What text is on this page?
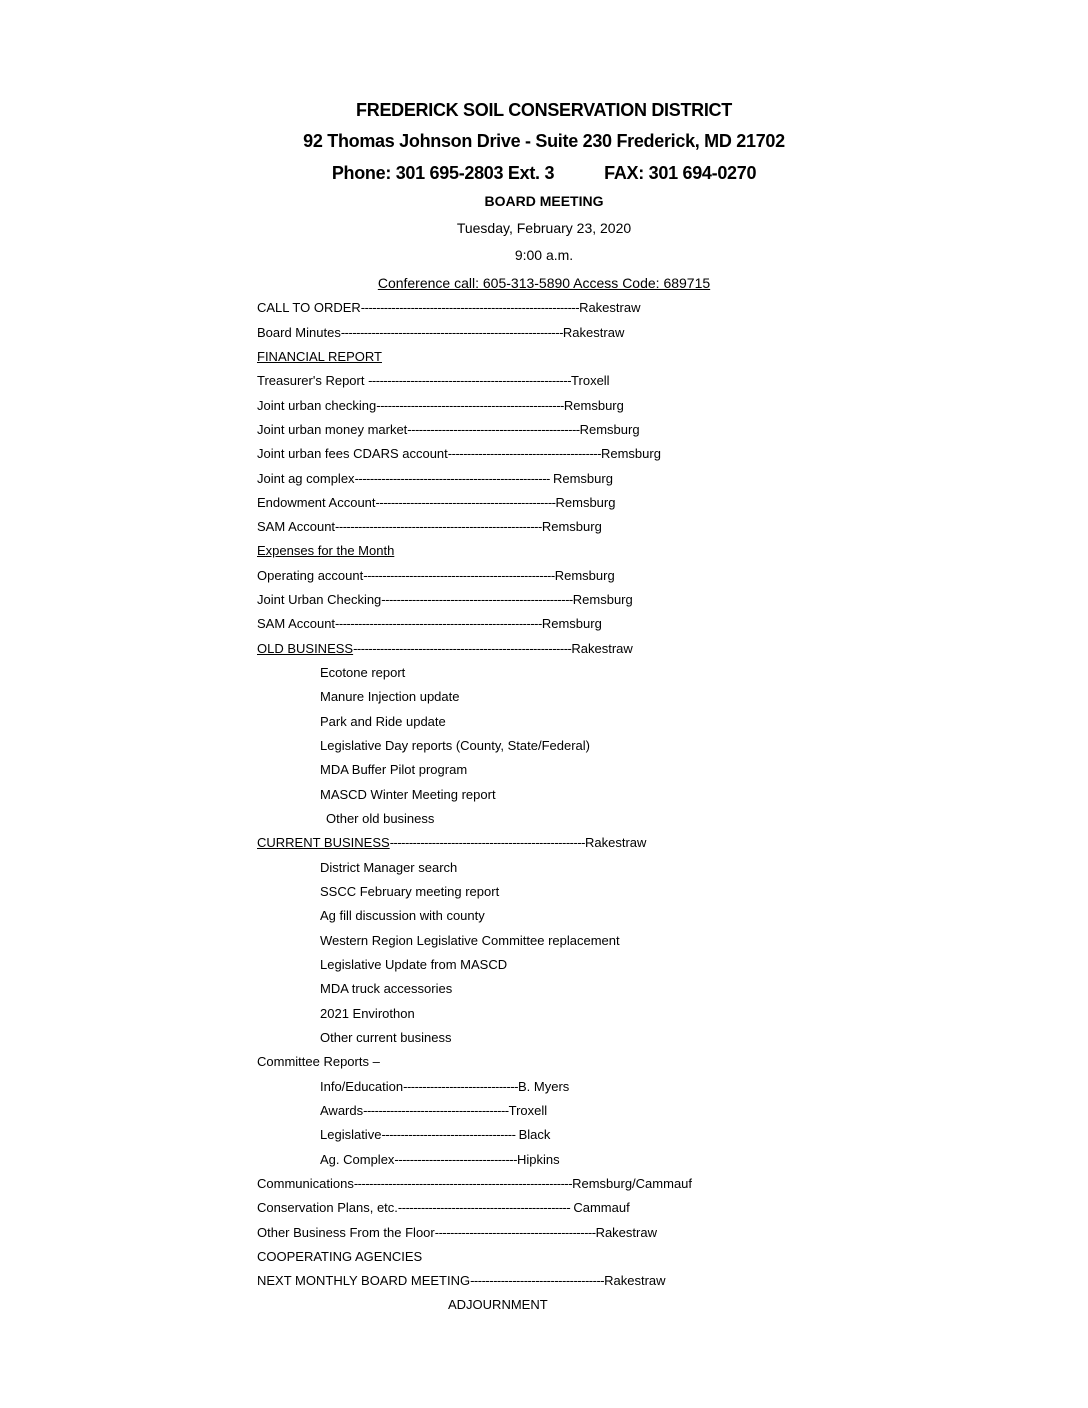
FREDERICK SOIL CONSERVATION DISTRICT
92 Thomas Johnson Drive - Suite 230 Frederick, MD 21702
Phone: 301 695-2803 Ext. 3	FAX: 301 694-0270
BOARD MEETING
Tuesday, February 23, 2020
9:00 a.m.
Conference call: 605-313-5890 Access Code: 689715
CALL TO ORDER---------------------------------------------------------Rakestraw
Board Minutes----------------------------------------------------------Rakestraw
FINANCIAL REPORT
Treasurer's Report -----------------------------------------------------Troxell
Joint urban checking-------------------------------------------------Remsburg
Joint urban money market---------------------------------------------Remsburg
Joint urban fees CDARS account----------------------------------------Remsburg
Joint ag complex--------------------------------------------------- Remsburg
Endowment Account-----------------------------------------------Remsburg
SAM Account------------------------------------------------------Remsburg
Expenses for the Month
Operating account--------------------------------------------------Remsburg
Joint Urban Checking--------------------------------------------------Remsburg
SAM Account------------------------------------------------------Remsburg
OLD BUSINESS---------------------------------------------------------Rakestraw
Ecotone report
Manure Injection update
Park and Ride update
Legislative Day reports (County, State/Federal)
MDA Buffer Pilot program
MASCD Winter Meeting report
Other old business
CURRENT BUSINESS---------------------------------------------------Rakestraw
District Manager search
SSCC February meeting report
Ag fill discussion with county
Western Region Legislative Committee replacement
Legislative Update from MASCD
MDA truck accessories
2021 Envirothon
Other current business
Committee Reports –
Info/Education------------------------------B. Myers
Awards--------------------------------------Troxell
Legislative----------------------------------- Black
Ag. Complex--------------------------------Hipkins
Communications---------------------------------------------------------Remsburg/Cammauf
Conservation Plans, etc.--------------------------------------------- Cammauf
Other Business From the Floor------------------------------------------Rakestraw
COOPERATING AGENCIES
NEXT MONTHLY BOARD MEETING-----------------------------------Rakestraw
ADJOURNMENT
